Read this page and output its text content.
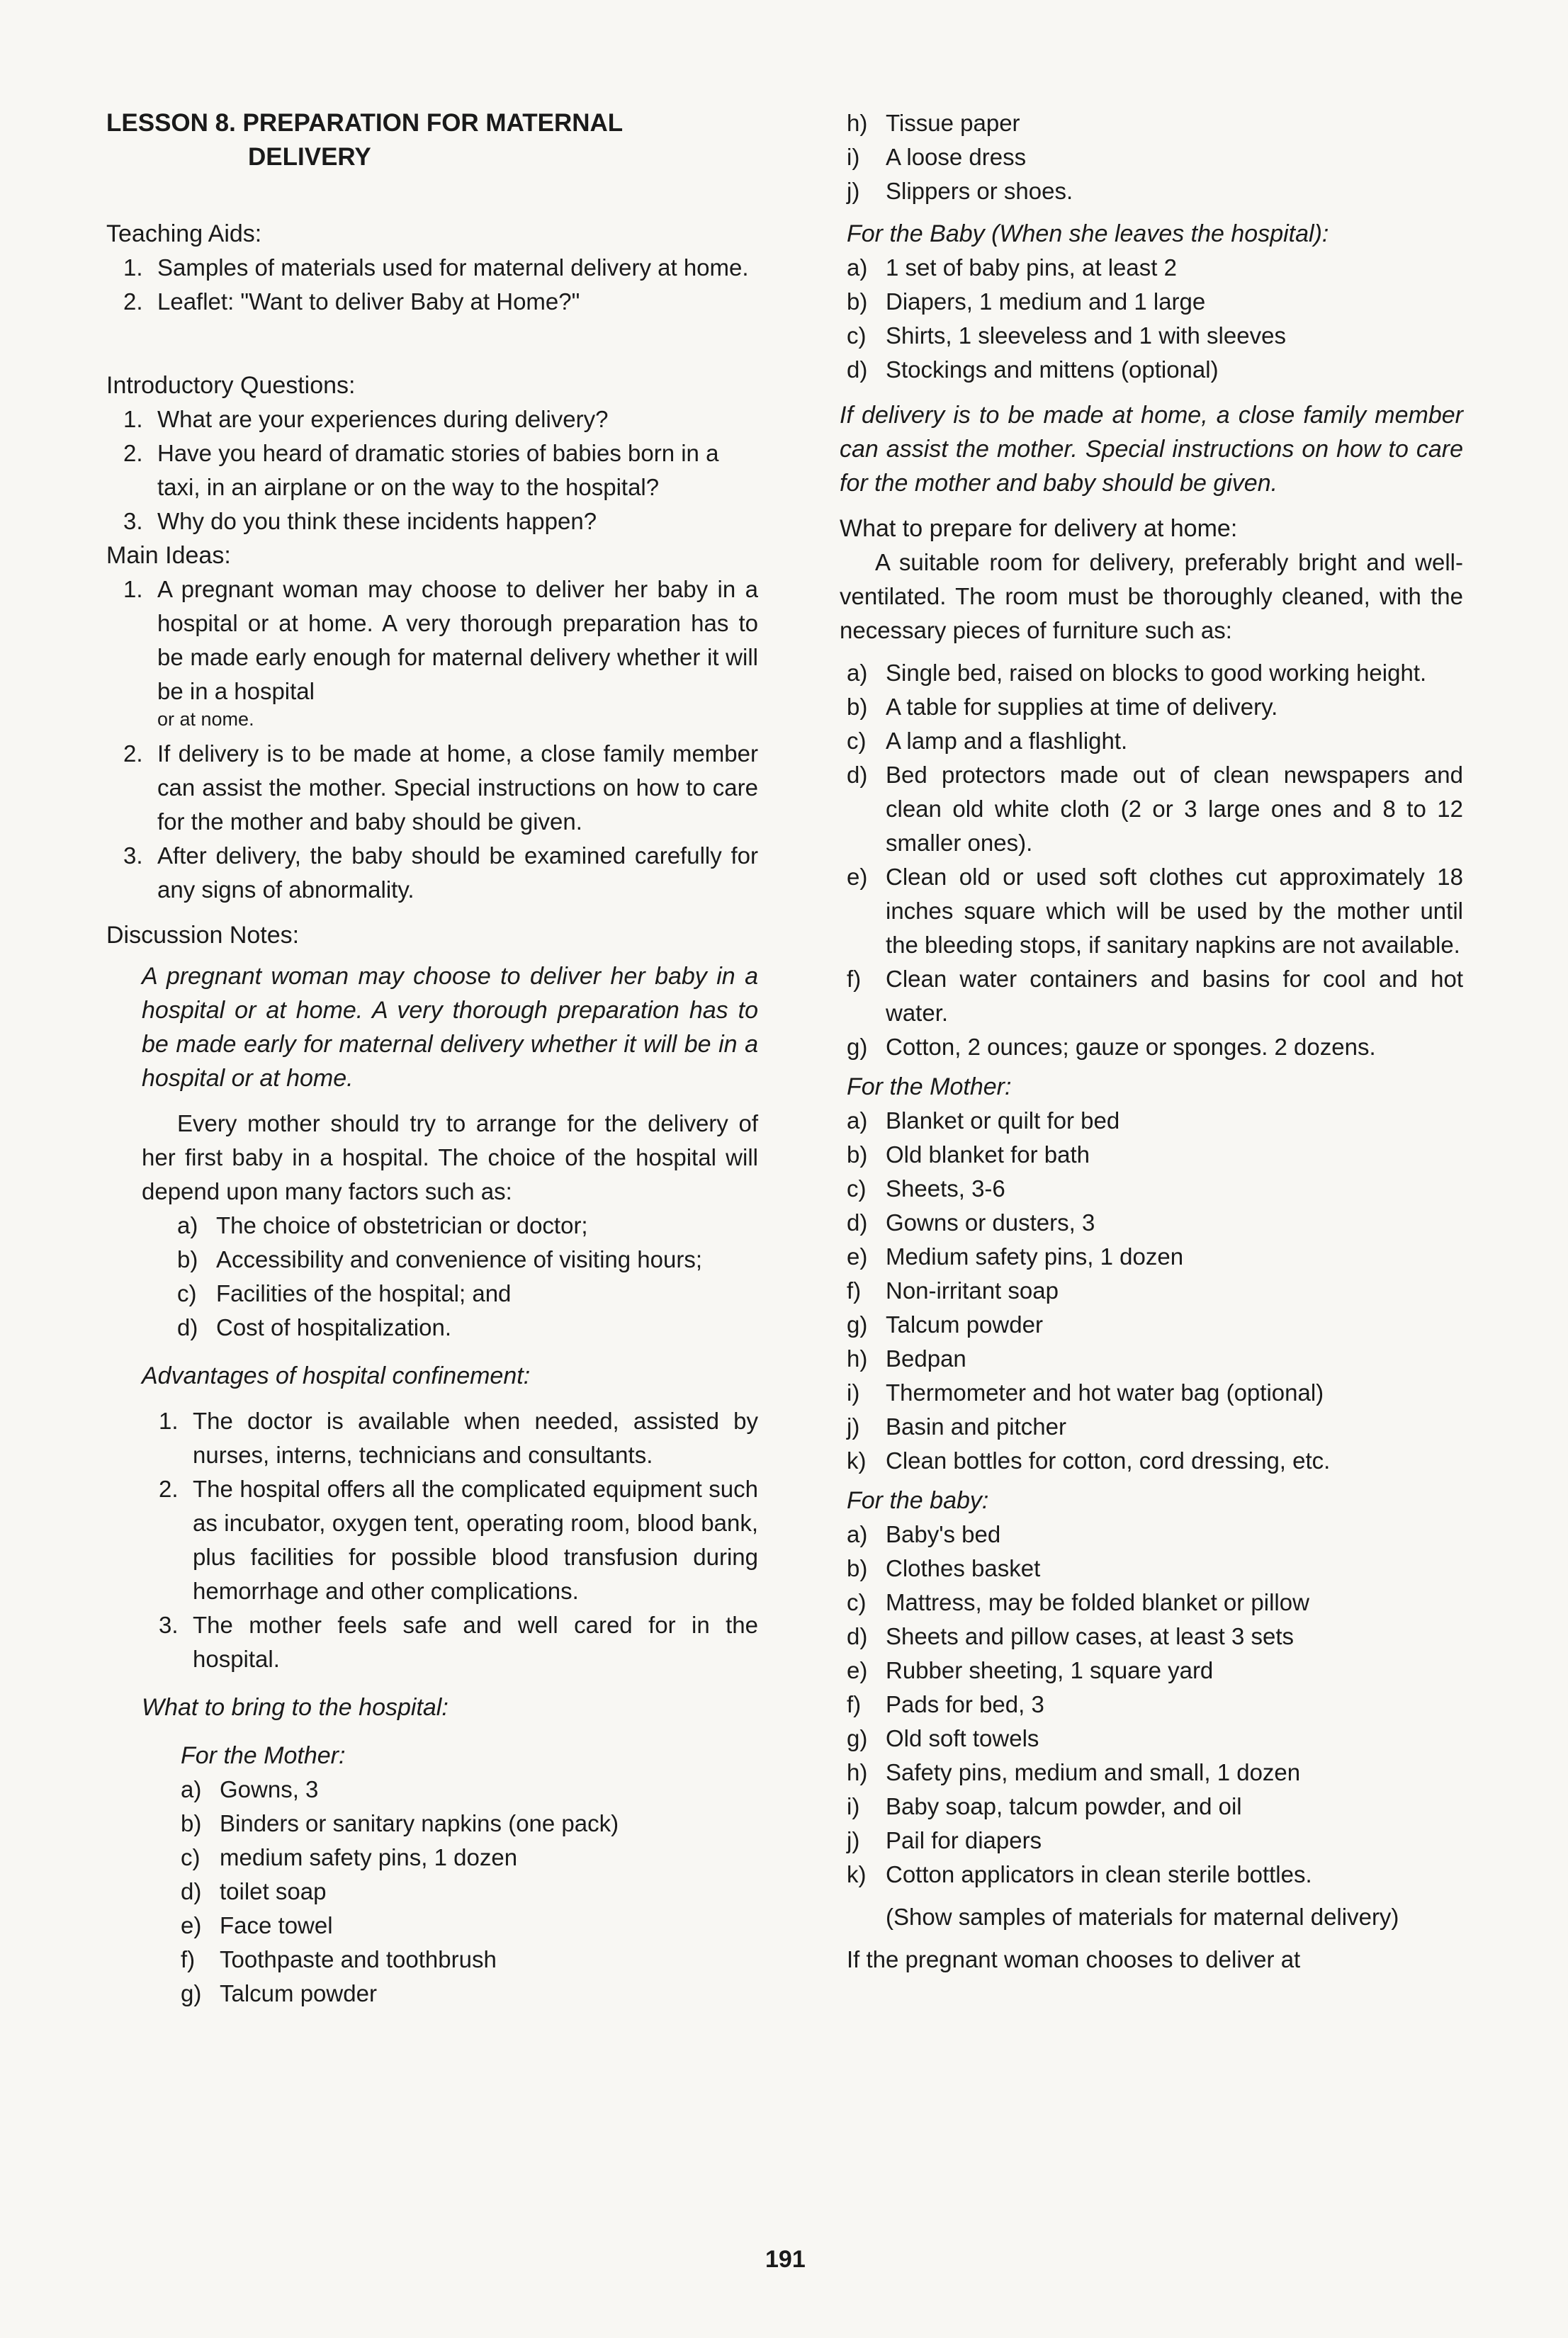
LESSON 8. PREPARATION FOR MATERNAL
DELIVERY
Teaching Aids:
1. Samples of materials used for maternal delivery at home.
2. Leaflet: "Want to deliver Baby at Home?"
Introductory Questions:
1. What are your experiences during delivery?
2. Have you heard of dramatic stories of babies born in a taxi, in an airplane or on the way to the hospital?
3. Why do you think these incidents happen?
Main Ideas:
1. A pregnant woman may choose to deliver her baby in a hospital or at home. A very thorough preparation has to be made early enough for maternal delivery whether it will be in a hospital
or at nome.
2. If delivery is to be made at home, a close family member can assist the mother. Special instructions on how to care for the mother and baby should be given.
3. After delivery, the baby should be examined carefully for any signs of abnormality.
Discussion Notes:
A pregnant woman may choose to deliver her baby in a hospital or at home. A very thorough preparation has to be made early for maternal delivery whether it will be in a hospital or at home.
Every mother should try to arrange for the delivery of her first baby in a hospital. The choice of the hospital will depend upon many factors such as:
a) The choice of obstetrician or doctor;
b) Accessibility and convenience of visiting hours;
c) Facilities of the hospital; and
d) Cost of hospitalization.
Advantages of hospital confinement:
1. The doctor is available when needed, assisted by nurses, interns, technicians and consultants.
2. The hospital offers all the complicated equipment such as incubator, oxygen tent, operating room, blood bank, plus facilities for possible blood transfusion during hemorrhage and other complications.
3. The mother feels safe and well cared for in the hospital.
What to bring to the hospital:
For the Mother:
a) Gowns, 3
b) Binders or sanitary napkins (one pack)
c) medium safety pins, 1 dozen
d) toilet soap
e) Face towel
f) Toothpaste and toothbrush
g) Talcum powder
h) Tissue paper
i) A loose dress
j) Slippers or shoes.
For the Baby (When she leaves the hospital):
a) 1 set of baby pins, at least 2
b) Diapers, 1 medium and 1 large
c) Shirts, 1 sleeveless and 1 with sleeves
d) Stockings and mittens (optional)
If delivery is to be made at home, a close family member can assist the mother. Special instructions on how to care for the mother and baby should be given.
What to prepare for delivery at home:
A suitable room for delivery, preferably bright and well-ventilated. The room must be thoroughly cleaned, with the necessary pieces of furniture such as:
a) Single bed, raised on blocks to good working height.
b) A table for supplies at time of delivery.
c) A lamp and a flashlight.
d) Bed protectors made out of clean newspapers and clean old white cloth (2 or 3 large ones and 8 to 12 smaller ones).
e) Clean old or used soft clothes cut approximately 18 inches square which will be used by the mother until the bleeding stops, if sanitary napkins are not available.
f) Clean water containers and basins for cool and hot water.
g) Cotton, 2 ounces; gauze or sponges. 2 dozens.
For the Mother:
a) Blanket or quilt for bed
b) Old blanket for bath
c) Sheets, 3-6
d) Gowns or dusters, 3
e) Medium safety pins, 1 dozen
f) Non-irritant soap
g) Talcum powder
h) Bedpan
i) Thermometer and hot water bag (optional)
j) Basin and pitcher
k) Clean bottles for cotton, cord dressing, etc.
For the baby:
a) Baby's bed
b) Clothes basket
c) Mattress, may be folded blanket or pillow
d) Sheets and pillow cases, at least 3 sets
e) Rubber sheeting, 1 square yard
f) Pads for bed, 3
g) Old soft towels
h) Safety pins, medium and small, 1 dozen
i) Baby soap, talcum powder, and oil
j) Pail for diapers
k) Cotton applicators in clean sterile bottles.
(Show samples of materials for maternal delivery)
If the pregnant woman chooses to deliver at
191
